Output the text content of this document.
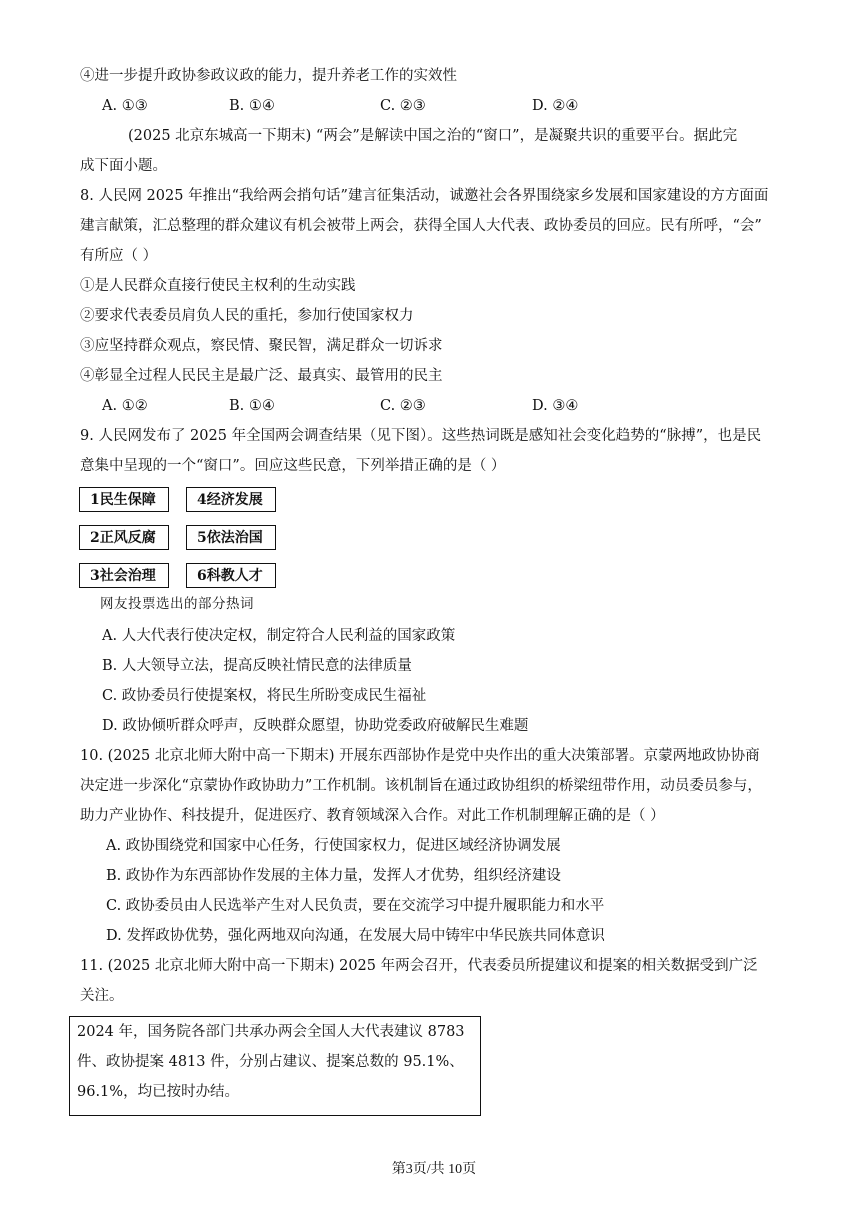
④进一步提升政协参政议政的能力，提升养老工作的实效性
A. ①③	B. ①④	C. ②③	D. ②④
(2025 北京东城高一下期末) “两会”是解读中国之治的“窗口”，是凝聚共识的重要平台。据此完
成下面小题。
8. 人民网 2025 年推出“我给两会捎句话”建言征集活动，诚邀社会各界围绕家乡发展和国家建设的方方面面
建言献策，汇总整理的群众建议有机会被带上两会，获得全国人大代表、政协委员的回应。民有所呼，“会”
有所应（ ）
①是人民群众直接行使民主权利的生动实践
②要求代表委员肩负人民的重托，参加行使国家权力
③应坚持群众观点，察民情、聚民智，满足群众一切诉求
④彰显全过程人民民主是最广泛、最真实、最管用的民主
A. ①②	B. ①④	C. ②③	D. ③④
9. 人民网发布了 2025 年全国两会调查结果（见下图）。这些热词既是感知社会变化趋势的“脉搏”，也是民
意集中呈现的一个“窗口”。回应这些民意，下列举措正确的是（ ）
1民生保障	4经济发展
2正风反腐	5依法治国
3社会治理	6科教人才
网友投票选出的部分热词
A. 人大代表行使决定权，制定符合人民利益的国家政策
B. 人大领导立法，提高反映社情民意的法律质量
C. 政协委员行使提案权，将民生所盼变成民生福祉
D. 政协倾听群众呼声，反映群众愿望，协助党委政府破解民生难题
10. (2025 北京北师大附中高一下期末) 开展东西部协作是党中央作出的重大决策部署。京蒙两地政协协商
决定进一步深化“京蒙协作政协助力”工作机制。该机制旨在通过政协组织的桥梁纽带作用，动员委员参与，
助力产业协作、科技提升，促进医疗、教育领域深入合作。对此工作机制理解正确的是（ ）
A. 政协围绕党和国家中心任务，行使国家权力，促进区域经济协调发展
B. 政协作为东西部协作发展的主体力量，发挥人才优势，组织经济建设
C. 政协委员由人民选举产生对人民负责，要在交流学习中提升履职能力和水平
D. 发挥政协优势，强化两地双向沟通，在发展大局中铸牢中华民族共同体意识
11. (2025 北京北师大附中高一下期末) 2025 年两会召开，代表委员所提建议和提案的相关数据受到广泛
关注。
2024 年，国务院各部门共承办两会全国人大代表建议 8783
件、政协提案 4813 件，分别占建议、提案总数的 95.1%、
96.1%，均已按时办结。
第3页/共 10页
